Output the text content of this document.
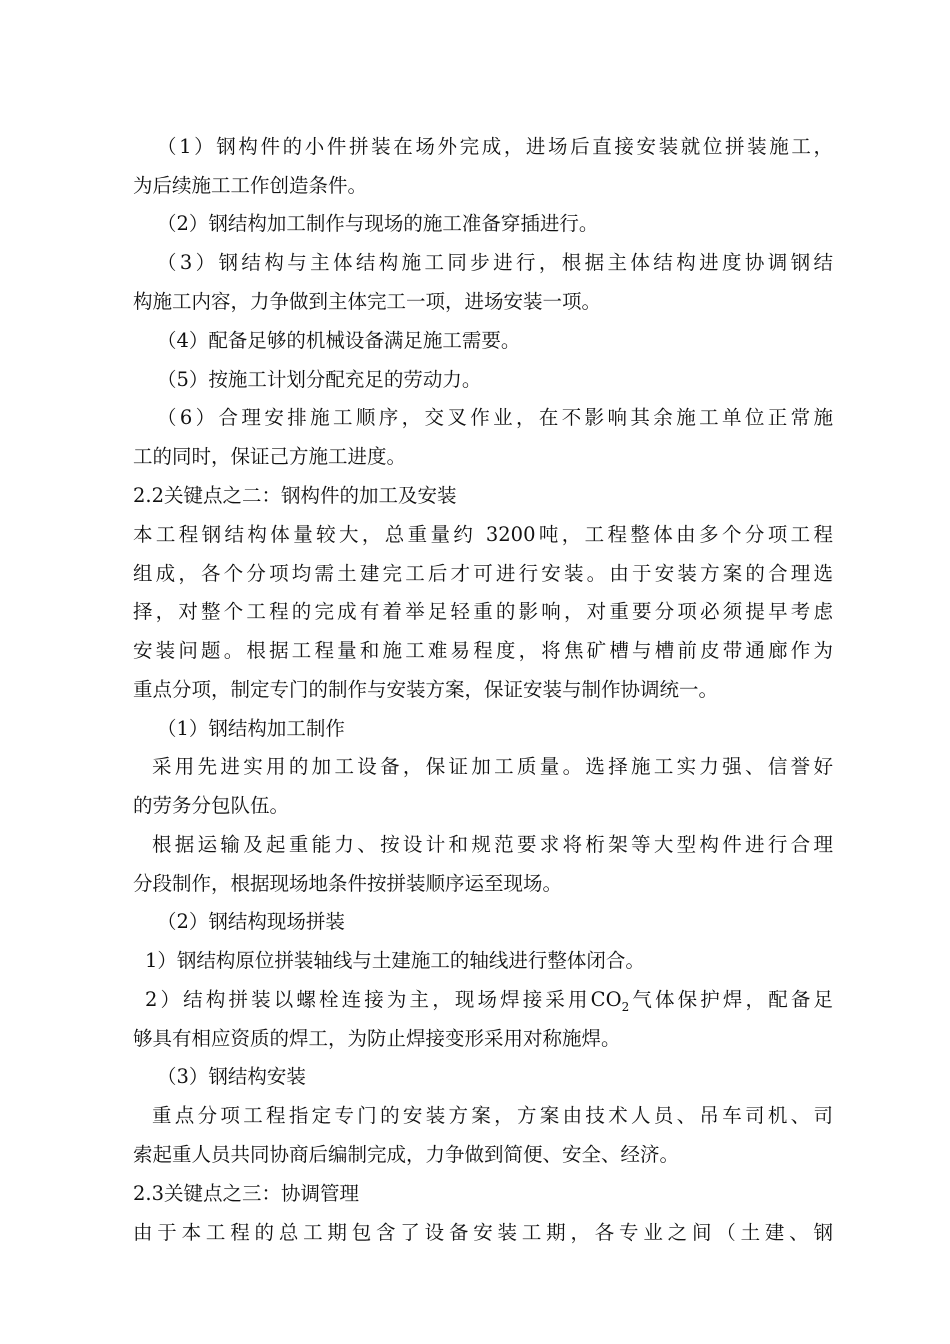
（1）钢构件的小件拼装在场外完成，进场后直接安装就位拼装施工，
为后续施工工作创造条件。
（2）钢结构加工制作与现场的施工准备穿插进行。
（3）钢结构与主体结构施工同步进行，根据主体结构进度协调钢结
构施工内容，力争做到主体完工一项，进场安装一项。
（4）配备足够的机械设备满足施工需要。
（5）按施工计划分配充足的劳动力。
（6）合理安排施工顺序，交叉作业，在不影响其余施工单位正常施
工的同时，保证己方施工进度。
2.2关键点之二：钢构件的加工及安装
本工程钢结构体量较大，总重量约 3200吨，工程整体由多个分项工程
组成，各个分项均需土建完工后才可进行安装。由于安装方案的合理选
择，对整个工程的完成有着举足轻重的影响，对重要分项必须提早考虑
安装问题。根据工程量和施工难易程度，将焦矿槽与槽前皮带通廊作为
重点分项，制定专门的制作与安装方案，保证安装与制作协调统一。
（1）钢结构加工制作
采用先进实用的加工设备，保证加工质量。选择施工实力强、信誉好
的劳务分包队伍。
根据运输及起重能力、按设计和规范要求将桁架等大型构件进行合理
分段制作，根据现场地条件按拼装顺序运至现场。
（2）钢结构现场拼装
1）钢结构原位拼装轴线与土建施工的轴线进行整体闭合。
2）结构拼装以螺栓连接为主，现场焊接采用$CO_2$气体保护焊，配备足
够具有相应资质的焊工，为防止焊接变形采用对称施焊。
（3）钢结构安装
重点分项工程指定专门的安装方案，方案由技术人员、吊车司机、司
索起重人员共同协商后编制完成，力争做到简便、安全、经济。
2.3关键点之三：协调管理
由于本工程的总工期包含了设备安装工期，各专业之间（土建、钢
